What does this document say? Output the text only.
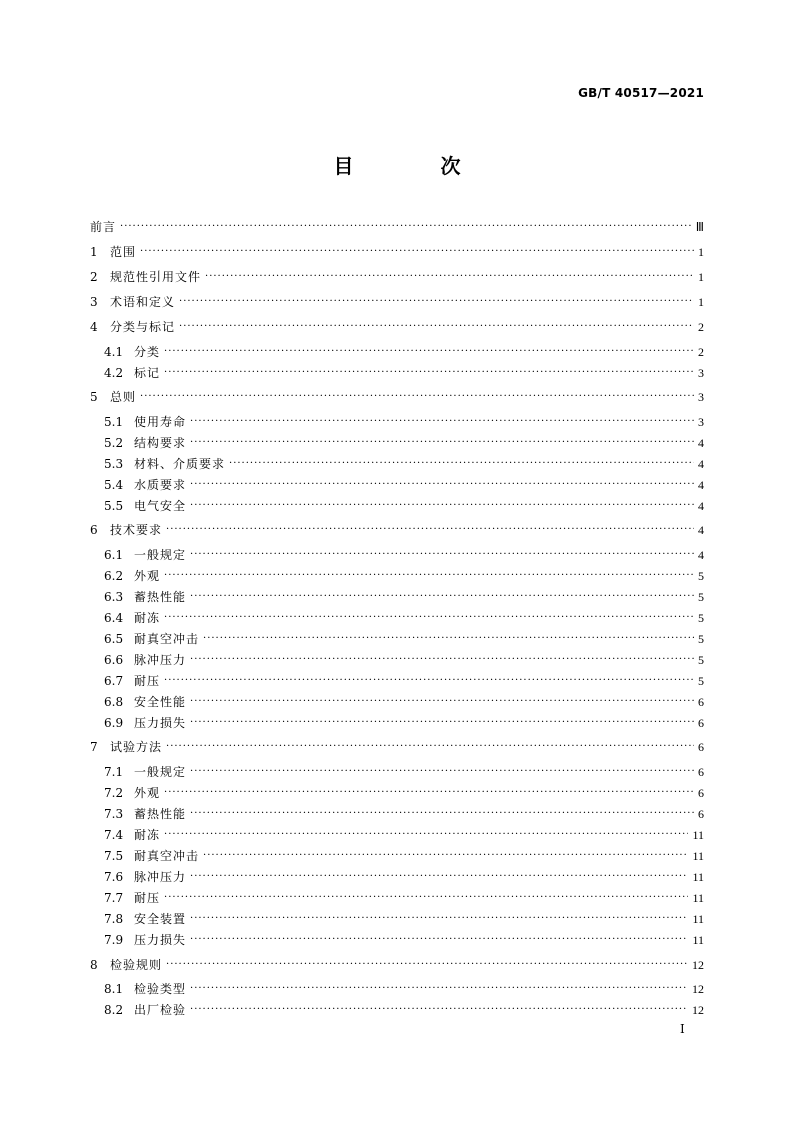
GB/T 40517—2021
目 次
前言 ·····	Ⅲ
1	范围 ·····	1
2	规范性引用文件 ·····	1
3	术语和定义 ·····	1
4	分类与标记 ·····	2
4.1 分类 ·····	2
4.2 标记 ·····	3
5	总则 ·····	3
5.1 使用寿命 ·····	3
5.2 结构要求 ·····	4
5.3 材料、介质要求 ·····	4
5.4 水质要求 ·····	4
5.5 电气安全 ·····	4
6	技术要求 ·····	4
6.1 一般规定 ·····	4
6.2 外观 ·····	5
6.3 蓄热性能 ·····	5
6.4 耐冻 ·····	5
6.5 耐真空冲击 ·····	5
6.6 脉冲压力 ·····	5
6.7 耐压 ·····	5
6.8 安全性能 ·····	6
6.9 压力损失 ·····	6
7	试验方法 ·····	6
7.1 一般规定 ·····	6
7.2 外观 ·····	6
7.3 蓄热性能 ·····	6
7.4 耐冻 ·····	11
7.5 耐真空冲击 ·····	11
7.6 脉冲压力 ·····	11
7.7 耐压 ·····	11
7.8 安全装置 ·····	11
7.9 压力损失 ·····	11
8	检验规则 ·····	12
8.1 检验类型 ·····	12
8.2 出厂检验 ·····	12
I
